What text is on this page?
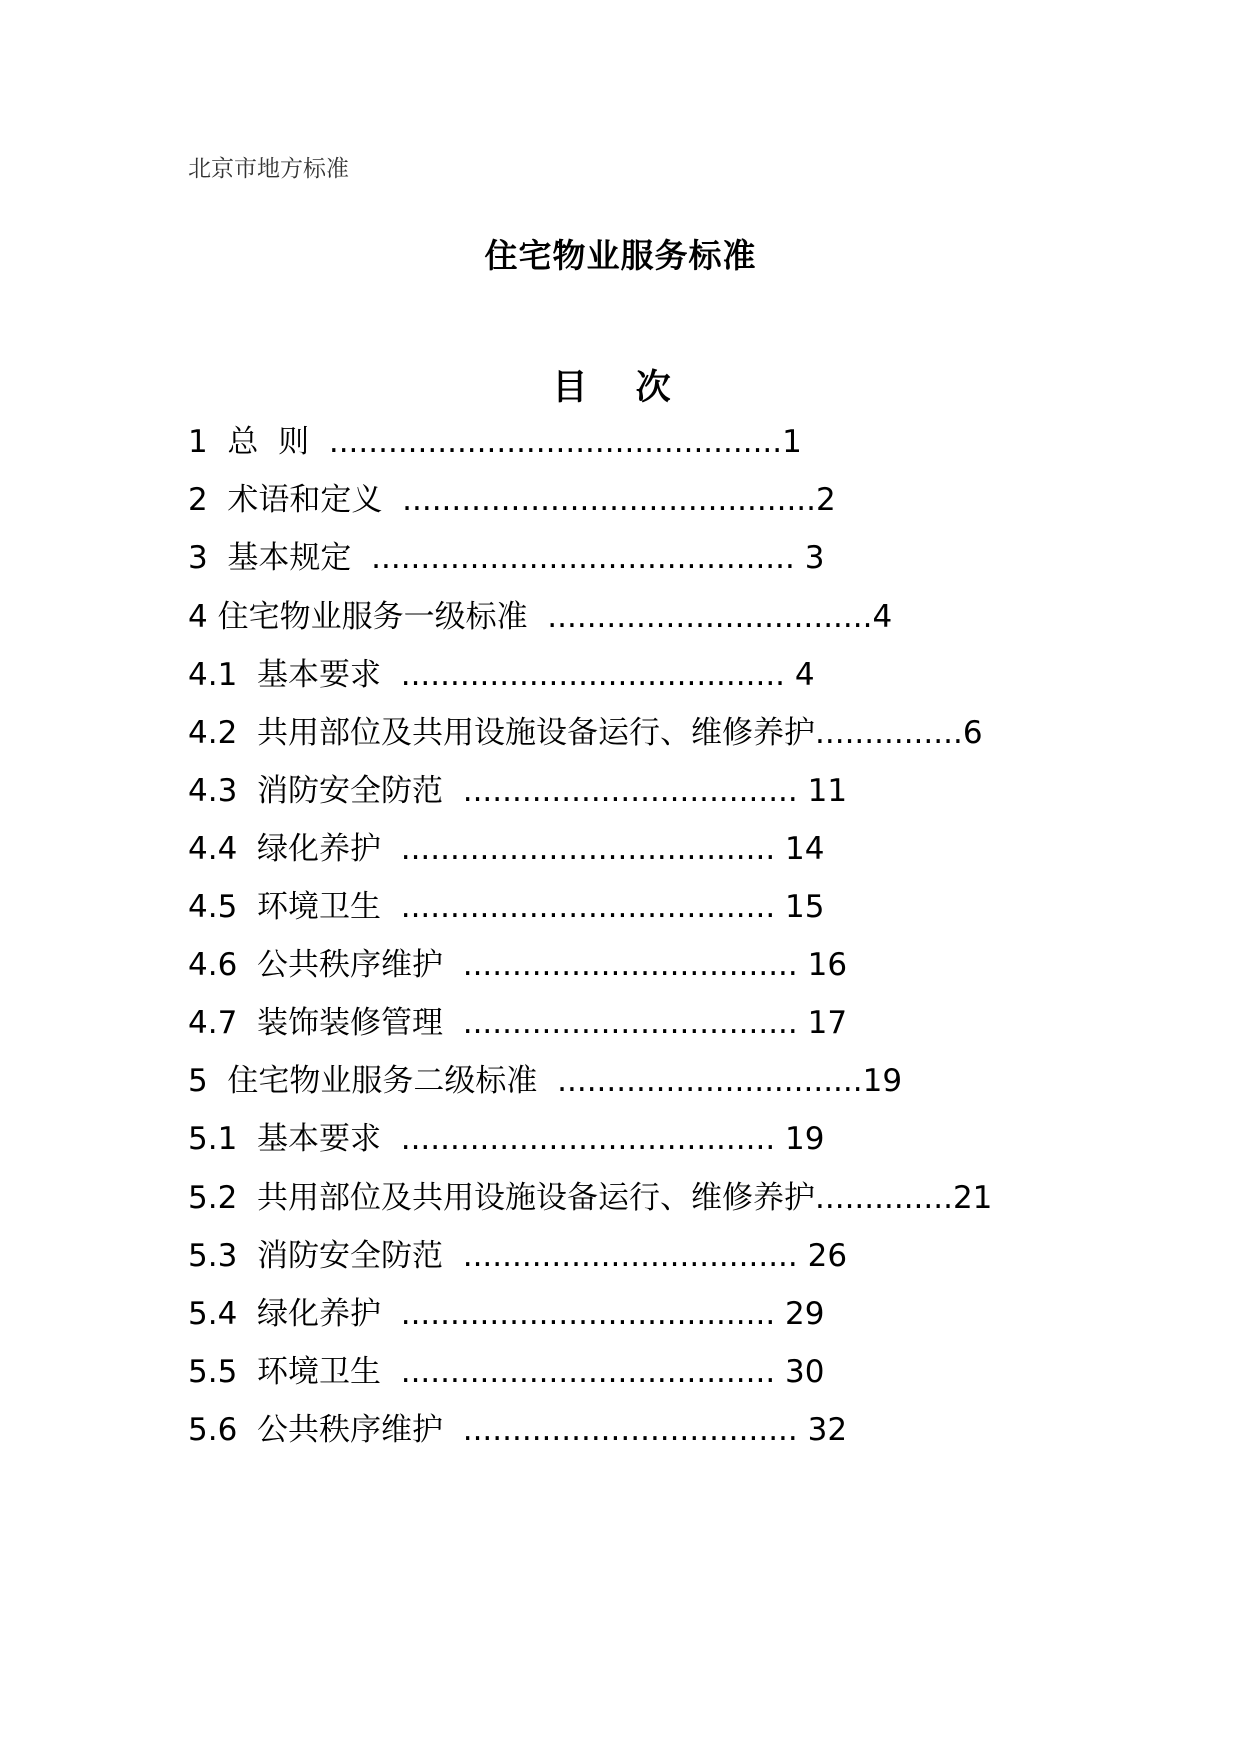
北京市地方标准
住宅物业服务标准
目 次
1  总  则  ..............................................1
2  术语和定义  ..........................................2
3  基本规定  ........................................... 3
4 住宅物业服务一级标准  .................................4
4.1  基本要求  ....................................... 4
4.2  共用部位及共用设施设备运行、维修养护...............6
4.3  消防安全防范  .................................. 11
4.4  绿化养护  ...................................... 14
4.5  环境卫生  ...................................... 15
4.6  公共秩序维护  .................................. 16
4.7  装饰装修管理  .................................. 17
5  住宅物业服务二级标准  ...............................19
5.1  基本要求  ...................................... 19
5.2  共用部位及共用设施设备运行、维修养护..............21
5.3  消防安全防范  .................................. 26
5.4  绿化养护  ...................................... 29
5.5  环境卫生  ...................................... 30
5.6  公共秩序维护  .................................. 32
